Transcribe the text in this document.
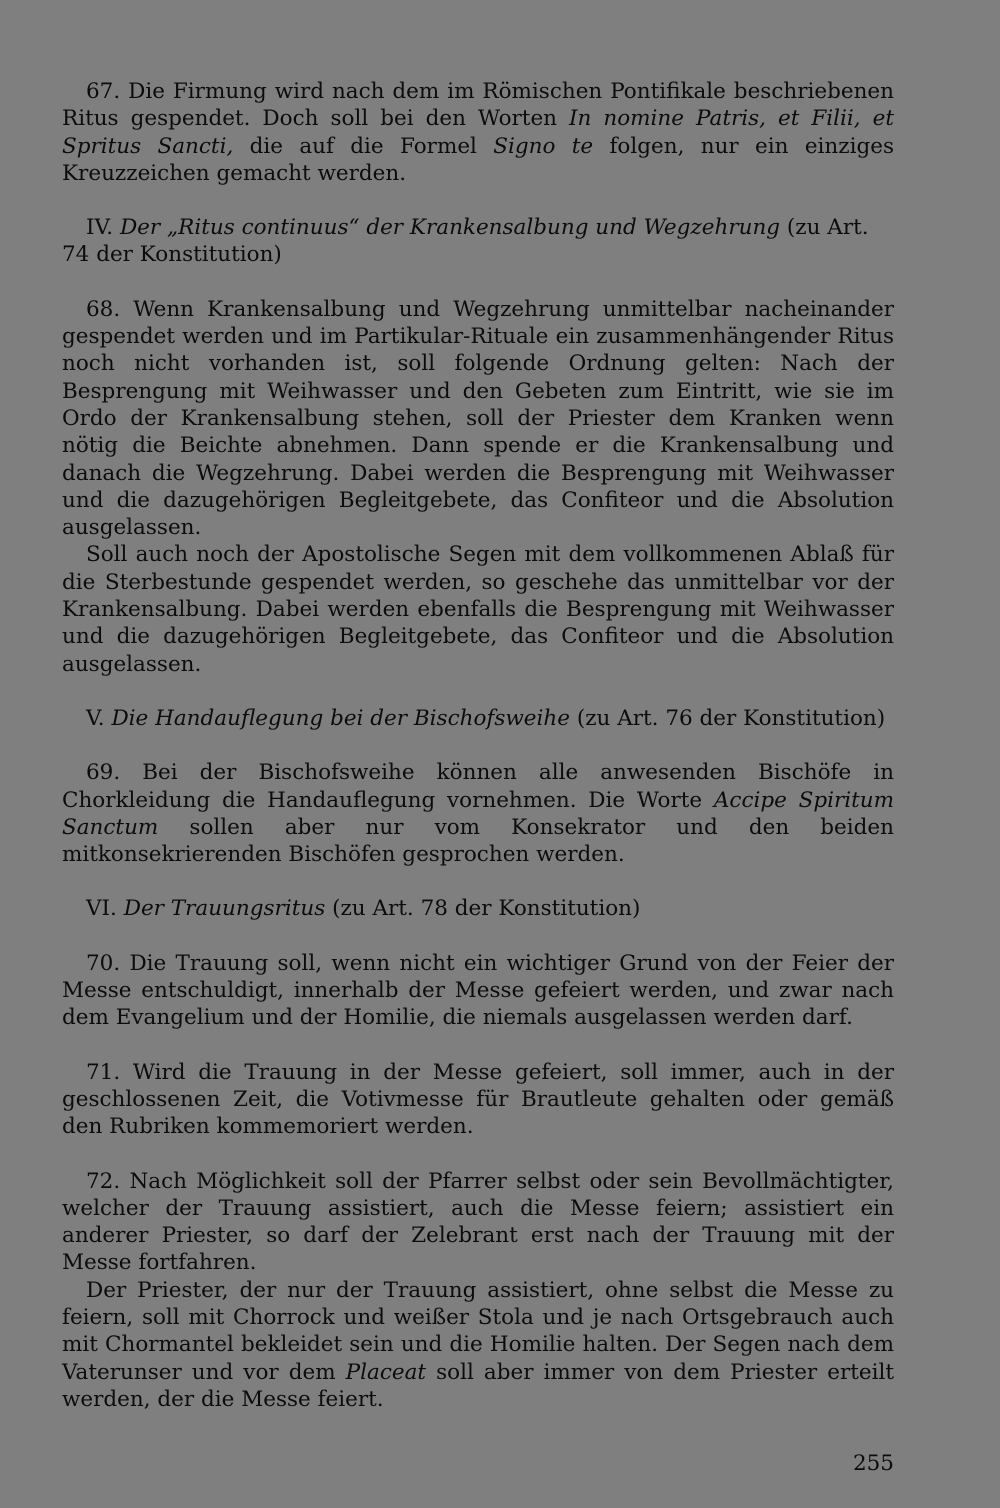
67. Die Firmung wird nach dem im Römischen Pontifikale beschriebenen Ritus gespendet. Doch soll bei den Worten In nomine Patris, et Filii, et Spritus Sancti, die auf die Formel Signo te folgen, nur ein einziges Kreuzzeichen gemacht werden.

IV. Der „Ritus continuus“ der Krankensalbung und Wegzehrung (zu Art. 74 der Konstitution)

68. Wenn Krankensalbung und Wegzehrung unmittelbar nacheinander gespendet werden und im Partikular-Rituale ein zusammenhängender Ritus noch nicht vorhanden ist, soll folgende Ordnung gelten: Nach der Besprengung mit Weihwasser und den Gebeten zum Eintritt, wie sie im Ordo der Krankensalbung stehen, soll der Priester dem Kranken wenn nötig die Beichte abnehmen. Dann spende er die Krankensalbung und danach die Wegzehrung. Dabei werden die Besprengung mit Weihwasser und die dazugehörigen Begleitgebete, das Confiteor und die Absolution ausgelassen.

Soll auch noch der Apostolische Segen mit dem vollkommenen Ablaß für die Sterbestunde gespendet werden, so geschehe das unmittelbar vor der Krankensalbung. Dabei werden ebenfalls die Besprengung mit Weihwasser und die dazugehörigen Begleitgebete, das Confiteor und die Absolution ausgelassen.

V. Die Handauflegung bei der Bischofsweihe (zu Art. 76 der Konstitution)

69. Bei der Bischofsweihe können alle anwesenden Bischöfe in Chorkleidung die Handauflegung vornehmen. Die Worte Accipe Spiritum Sanctum sollen aber nur vom Konsekrator und den beiden mitkonsekrierenden Bischöfen gesprochen werden.

VI. Der Trauungsritus (zu Art. 78 der Konstitution)

70. Die Trauung soll, wenn nicht ein wichtiger Grund von der Feier der Messe entschuldigt, innerhalb der Messe gefeiert werden, und zwar nach dem Evangelium und der Homilie, die niemals ausgelassen werden darf.

71. Wird die Trauung in der Messe gefeiert, soll immer, auch in der geschlossenen Zeit, die Votivmesse für Brautleute gehalten oder gemäß den Rubriken kommemoriert werden.

72. Nach Möglichkeit soll der Pfarrer selbst oder sein Bevollmächtigter, welcher der Trauung assistiert, auch die Messe feiern; assistiert ein anderer Priester, so darf der Zelebrant erst nach der Trauung mit der Messe fortfahren.

Der Priester, der nur der Trauung assistiert, ohne selbst die Messe zu feiern, soll mit Chorrock und weißer Stola und je nach Ortsgebrauch auch mit Chormantel bekleidet sein und die Homilie halten. Der Segen nach dem Vaterunser und vor dem Placeat soll aber immer von dem Priester erteilt werden, der die Messe feiert.

255
